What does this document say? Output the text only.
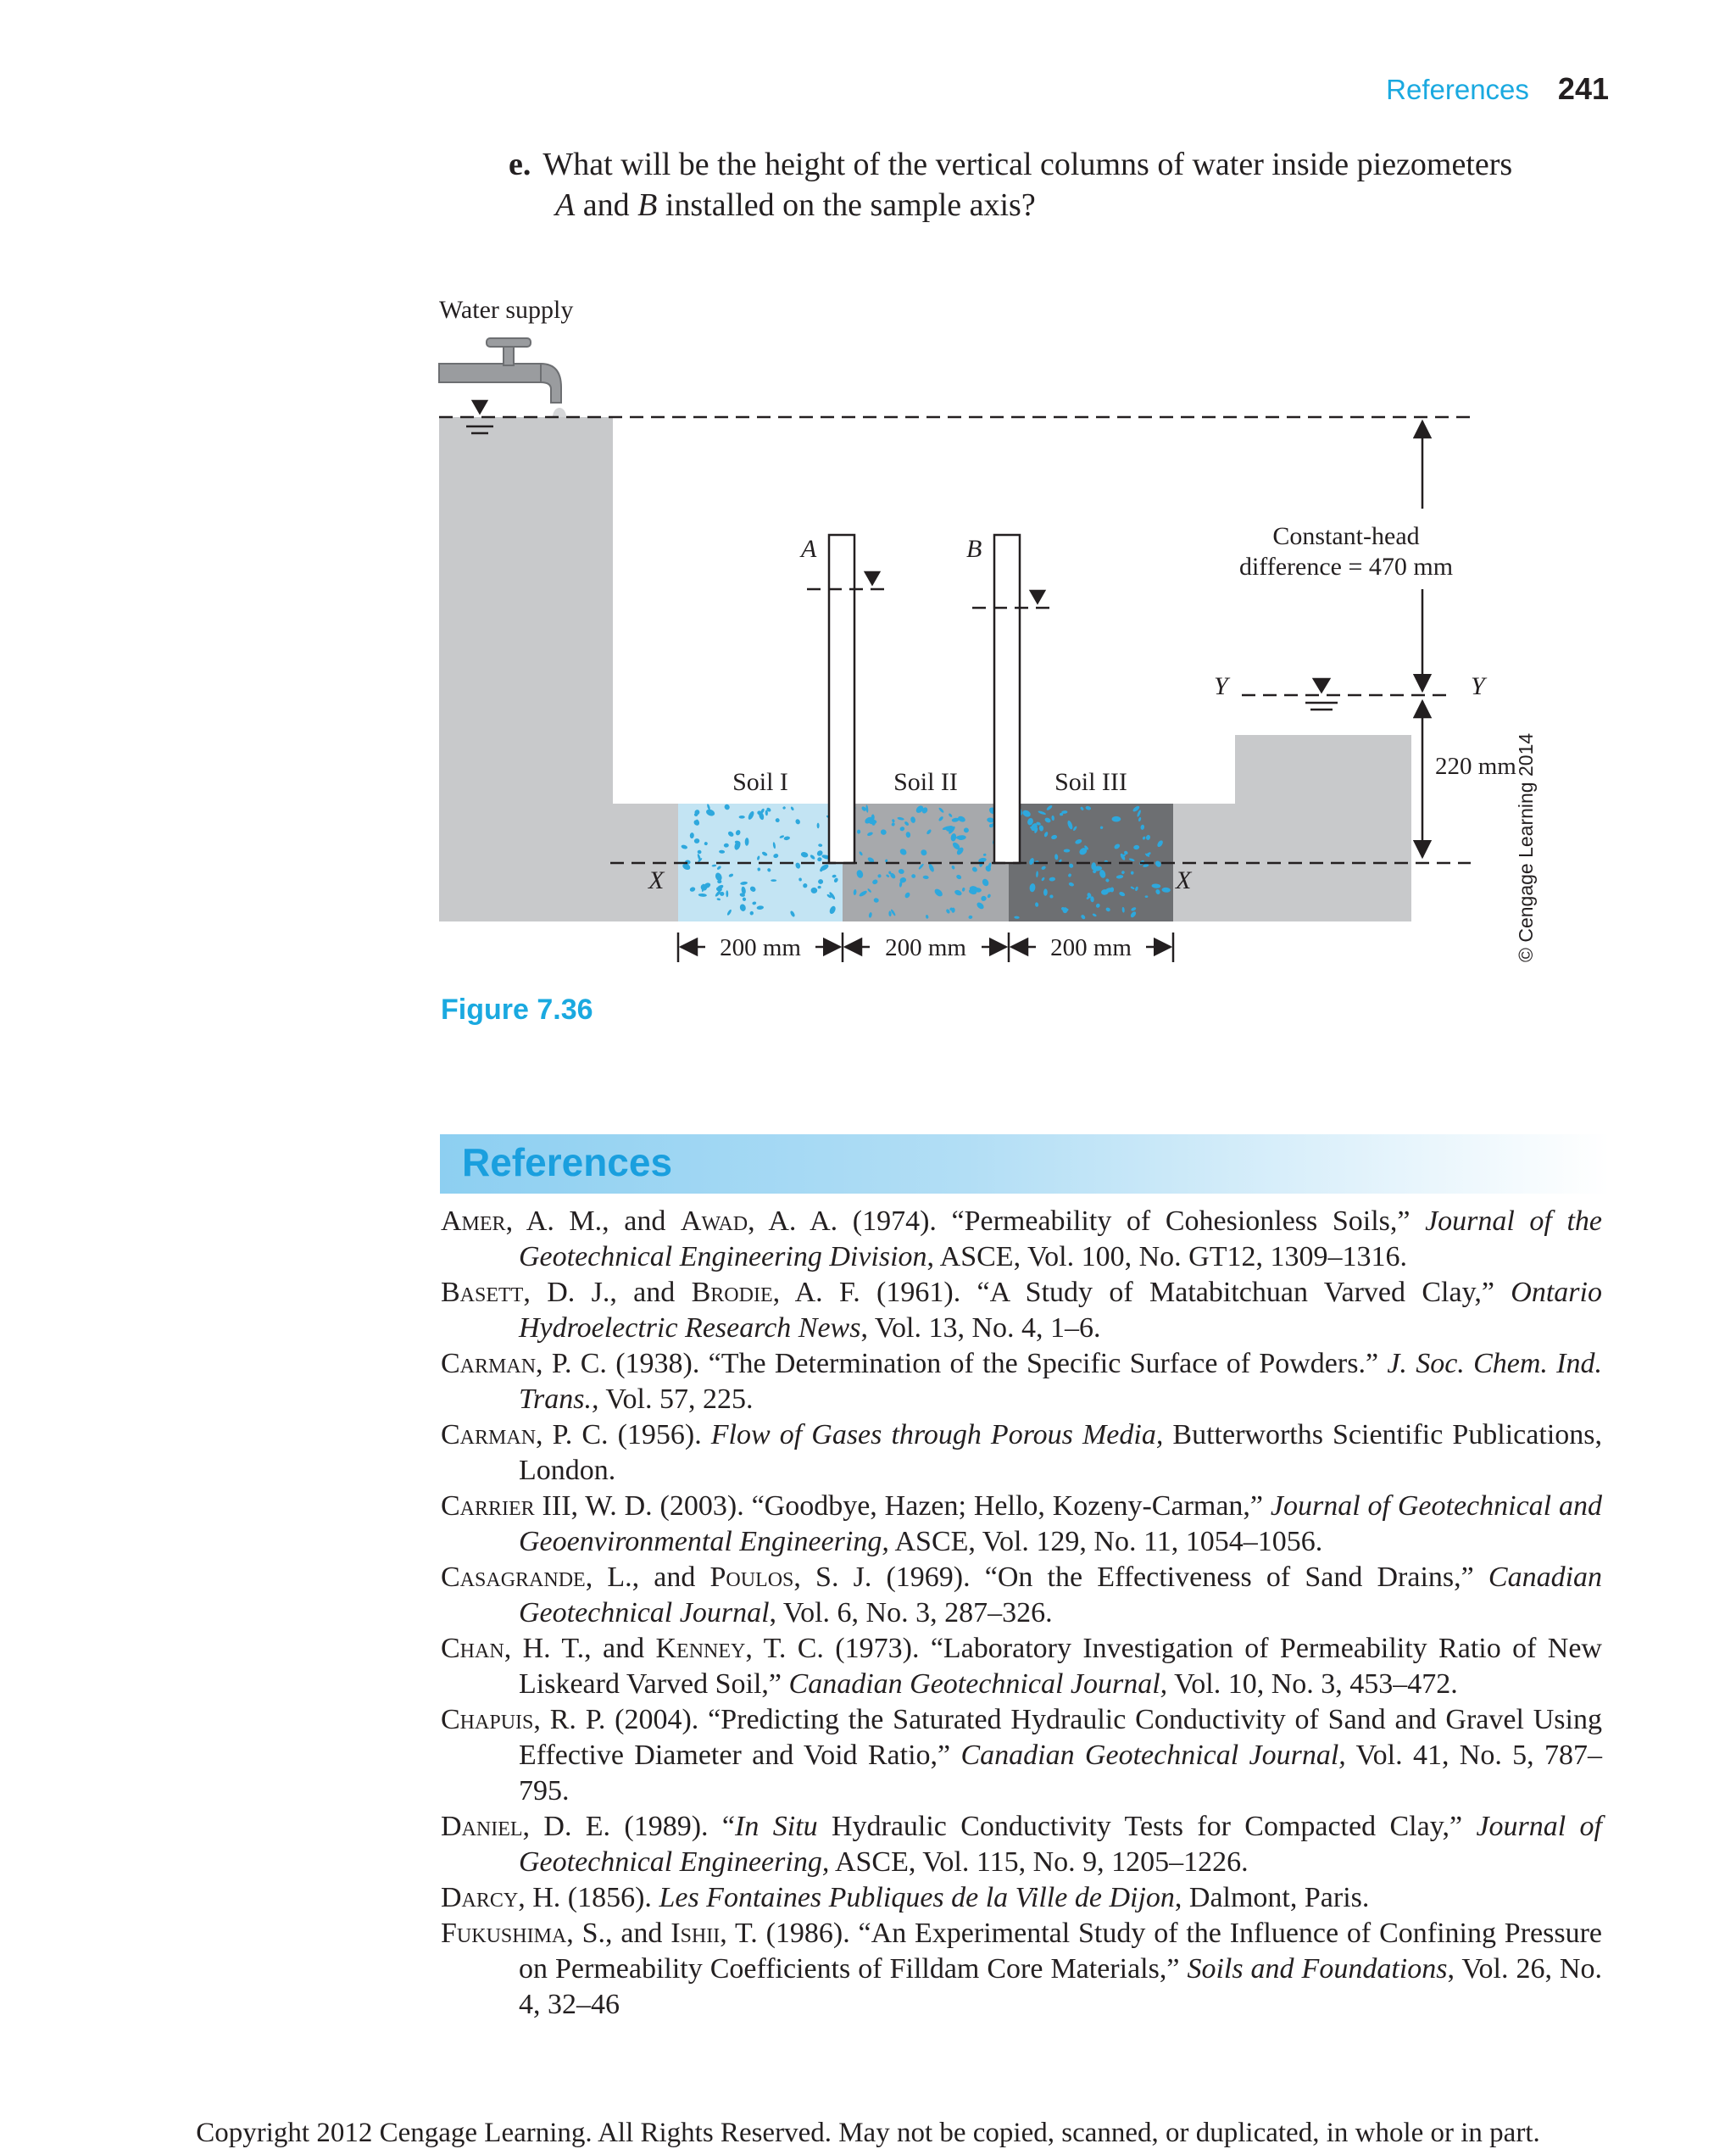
References 241
e. What will be the height of the vertical columns of water inside piezometers
A and B installed on the sample axis?
Water supply
A	B	Constant-head
difference = 470 mm
220 mm
Y	Y
X	X
Soil I	Soil II	Soil III
200 mm	200 mm	200 mm	© Cengage Learning 2014
Figure 7.36
References

Amer, A. M., and Awad, A. A. (1974). “Permeability of Cohesionless Soils,” Journal of the Geotechnical Engineering Division, ASCE, Vol. 100, No. GT12, 1309–1316.

Basett, D. J., and Brodie, A. F. (1961). “A Study of Matabitchuan Varved Clay,” Ontario Hydroelectric Research News, Vol. 13, No. 4, 1–6.

Carman, P. C. (1938). “The Determination of the Specific Surface of Powders.” J. Soc. Chem. Ind. Trans., Vol. 57, 225.

Carman, P. C. (1956). Flow of Gases through Porous Media, Butterworths Scientific Publications, London.

Carrier III, W. D. (2003). “Goodbye, Hazen; Hello, Kozeny-Carman,” Journal of Geotechnical and Geoenvironmental Engineering, ASCE, Vol. 129, No. 11, 1054–1056.

Casagrande, L., and Poulos, S. J. (1969). “On the Effectiveness of Sand Drains,” Canadian Geotechnical Journal, Vol. 6, No. 3, 287–326.

Chan, H. T., and Kenney, T. C. (1973). “Laboratory Investigation of Permeability Ratio of New Liskeard Varved Soil,” Canadian Geotechnical Journal, Vol. 10, No. 3, 453–472.

Chapuis, R. P. (2004). “Predicting the Saturated Hydraulic Conductivity of Sand and Gravel Using Effective Diameter and Void Ratio,” Canadian Geotechnical Journal, Vol. 41, No. 5, 787–795.

Daniel, D. E. (1989). “In Situ Hydraulic Conductivity Tests for Compacted Clay,” Journal of Geotechnical Engineering, ASCE, Vol. 115, No. 9, 1205–1226.

Darcy, H. (1856). Les Fontaines Publiques de la Ville de Dijon, Dalmont, Paris.

Fukushima, S., and Ishii, T. (1986). “An Experimental Study of the Influence of Confining Pressure on Permeability Coefficients of Filldam Core Materials,” Soils and Foundations, Vol. 26, No. 4, 32–46

Copyright 2012 Cengage Learning. All Rights Reserved. May not be copied, scanned, or duplicated, in whole or in part.
